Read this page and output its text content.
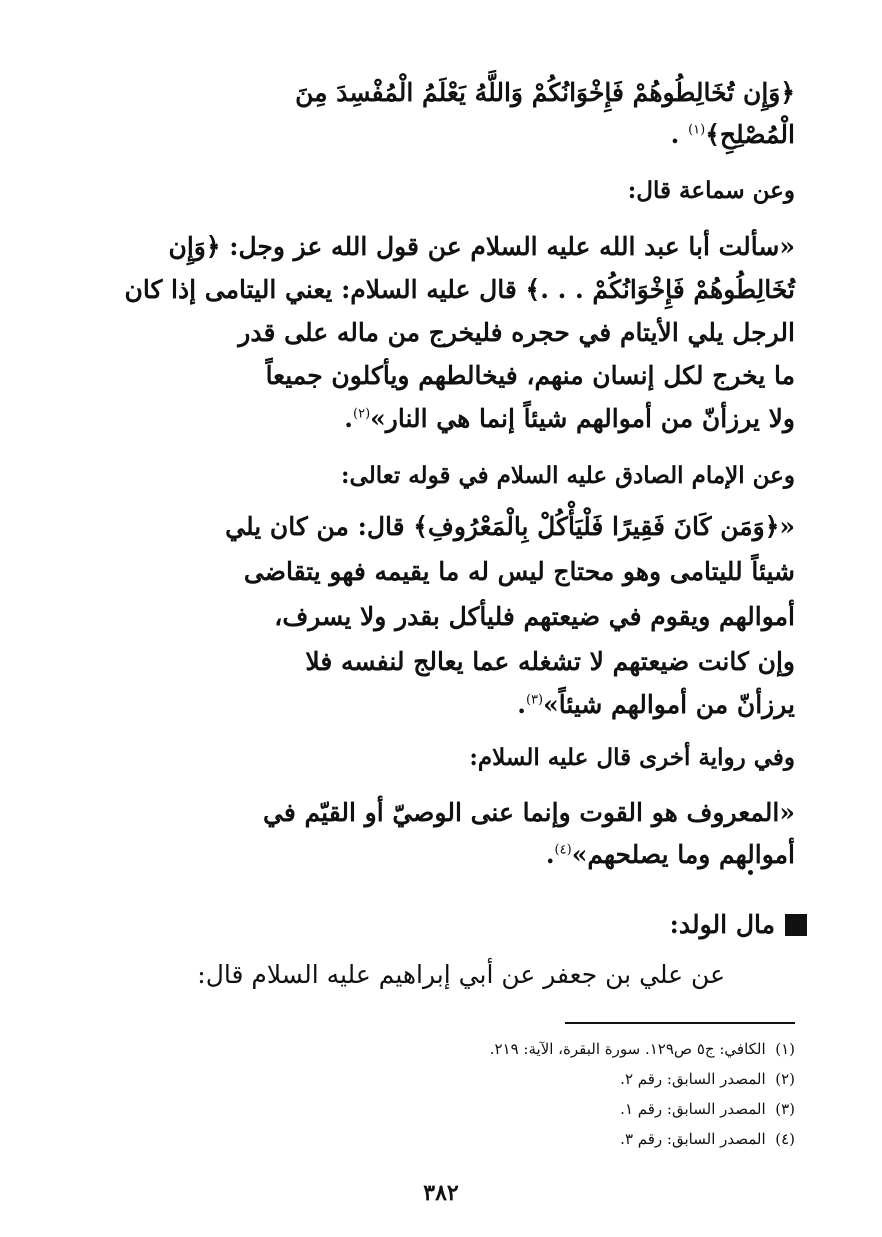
﴿وَإِن تُخَالِطُوهُمْ فَإِخْوَانُكُمْ وَاللَّهُ يَعْلَمُ الْمُفْسِدَ مِنَ
الْمُصْلِحِ﴾$^{(١)}$ .
وعن سماعة قال:
«سألت أبا عبد الله عليه السلام عن قول الله عز وجل: ﴿وَإِن
تُخَالِطُوهُمْ فَإِخْوَانُكُمْ . . .﴾ قال عليه السلام: يعني اليتامى إذا كان
الرجل يلي الأيتام في حجره فليخرج من ماله على قدر
ما يخرج لكل إنسان منهم، فيخالطهم ويأكلون جميعاً
ولا يرزأنّ من أموالهم شيئاً إنما هي النار»$^{(٢)}$.
وعن الإمام الصادق عليه السلام في قوله تعالى:
«﴿وَمَن كَانَ فَقِيرًا فَلْيَأْكُلْ بِالْمَعْرُوفِ﴾ قال: من كان يلي
شيئاً لليتامى وهو محتاج ليس له ما يقيمه فهو يتقاضى
أموالهم ويقوم في ضيعتهم فليأكل بقدر ولا يسرف،
وإن كانت ضيعتهم لا تشغله عما يعالج لنفسه فلا
يرزأنّ من أموالهم شيئاً»$^{(٣)}$.
وفي رواية أخرى قال عليه السلام:
«المعروف هو القوت وإنما عنى الوصيّ أو القيّم في
أموالهم وما يصلحهم»$^{(٤)}$.
مال الولد:
عن علي بن جعفر عن أبي إبراهيم عليه السلام قال:
(١)  الكافي: ج٥ ص١٢٩. سورة البقرة، الآية: ٢١٩.
(٢)  المصدر السابق: رقم ٢.
(٣)  المصدر السابق: رقم ١.
(٤)  المصدر السابق: رقم ٣.
٣٨٢
